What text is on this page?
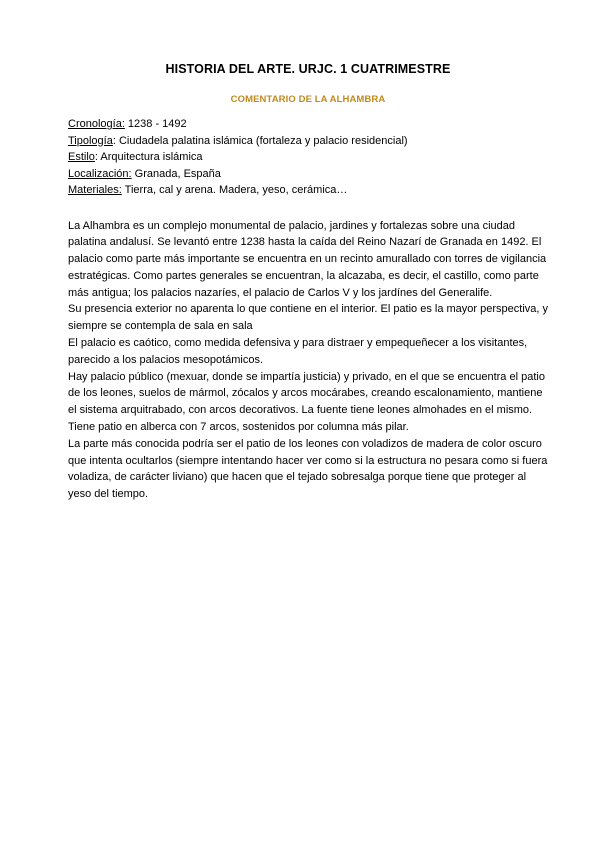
HISTORIA DEL ARTE. URJC. 1 CUATRIMESTRE
COMENTARIO DE LA ALHAMBRA
Cronología: 1238 - 1492
Tipología: Ciudadela palatina islámica (fortaleza y palacio residencial)
Estilo: Arquitectura islámica
Localización: Granada, España
Materiales: Tierra, cal y arena. Madera, yeso, cerámica…

La Alhambra es un complejo monumental de palacio, jardines y fortalezas sobre una ciudad palatina andalusí. Se levantó entre 1238 hasta la caída del Reino Nazarí de Granada en 1492. El palacio como parte más importante se encuentra en un recinto amurallado con torres de vigilancia estratégicas. Como partes generales se encuentran, la alcazaba, es decir, el castillo, como parte más antigua; los palacios nazaríes, el palacio de Carlos V y los jardínes del Generalife.

Su presencia exterior no aparenta lo que contiene en el interior. El patio es la mayor perspectiva, y siempre se contempla de sala en sala

El palacio es caótico, como medida defensiva y para distraer y empequeñecer a los visitantes, parecido a los palacios mesopotámicos.

Hay palacio público (mexuar, donde se impartía justicia) y privado, en el que se encuentra el patio de los leones, suelos de mármol, zócalos y arcos mocárabes, creando escalonamiento, mantiene el sistema arquitrabado, con arcos decorativos. La fuente tiene leones almohades en el mismo.

Tiene patio en alberca con 7 arcos, sostenidos por columna más pilar.

La parte más conocida podría ser el patio de los leones con voladizos de madera de color oscuro que intenta ocultarlos (siempre intentando hacer ver como si la estructura no pesara como si fuera voladiza, de carácter liviano) que hacen que el tejado sobresalga porque tiene que proteger al yeso del tiempo.
